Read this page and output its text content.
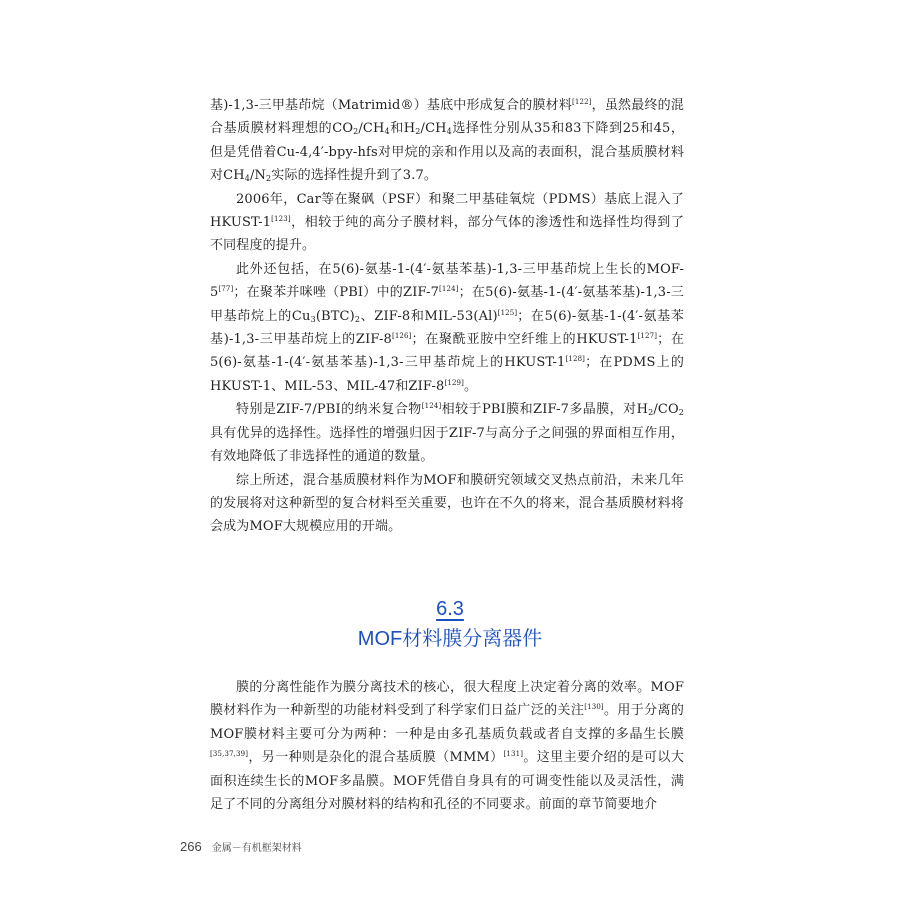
基)-1,3-三甲基茚烷（Matrimid®）基底中形成复合的膜材料[122]，虽然最终的混合基质膜材料理想的$CO_2/CH_4$和$H_2/CH_4$选择性分别从35和83下降到25和45，但是凭借着Cu-4,4′-bpy-hfs对甲烷的亲和作用以及高的表面积，混合基质膜材料对$CH_4/N_2$实际的选择性提升到了3.7。

2006年，Car等在聚砜（PSF）和聚二甲基硅氧烷（PDMS）基底上混入了HKUST-1[123]，相较于纯的高分子膜材料，部分气体的渗透性和选择性均得到了不同程度的提升。

此外还包括，在5(6)-氨基-1-(4′-氨基苯基)-1,3-三甲基茚烷上生长的MOF-5[77]；在聚苯并咪唑（PBI）中的ZIF-7[124]；在5(6)-氨基-1-(4′-氨基苯基)-1,3-三甲基茚烷上的$Cu_3(BTC)_2$、ZIF-8和MIL-53(Al)[125]；在5(6)-氨基-1-(4′-氨基苯基)-1,3-三甲基茚烷上的ZIF-8[126]；在聚酰亚胺中空纤维上的HKUST-1[127]；在5(6)-氨基-1-(4′-氨基苯基)-1,3-三甲基茚烷上的HKUST-1[128]；在PDMS上的HKUST-1、MIL-53、MIL-47和ZIF-8[129]。

特别是ZIF-7/PBI的纳米复合物[124]相较于PBI膜和ZIF-7多晶膜，对$H_2/CO_2$具有优异的选择性。选择性的增强归因于ZIF-7与高分子之间强的界面相互作用，有效地降低了非选择性的通道的数量。

综上所述，混合基质膜材料作为MOF和膜研究领域交叉热点前沿，未来几年的发展将对这种新型的复合材料至关重要，也许在不久的将来，混合基质膜材料将会成为MOF大规模应用的开端。

6.3
MOF材料膜分离器件

膜的分离性能作为膜分离技术的核心，很大程度上决定着分离的效率。MOF膜材料作为一种新型的功能材料受到了科学家们日益广泛的关注[130]。用于分离的MOF膜材料主要可分为两种：一种是由多孔基质负载或者自支撑的多晶生长膜[35,37,39]，另一种则是杂化的混合基质膜（MMM）[131]。这里主要介绍的是可以大面积连续生长的MOF多晶膜。MOF凭借自身具有的可调变性能以及灵活性，满足了不同的分离组分对膜材料的结构和孔径的不同要求。前面的章节简要地介

266 金属－有机框架材料
